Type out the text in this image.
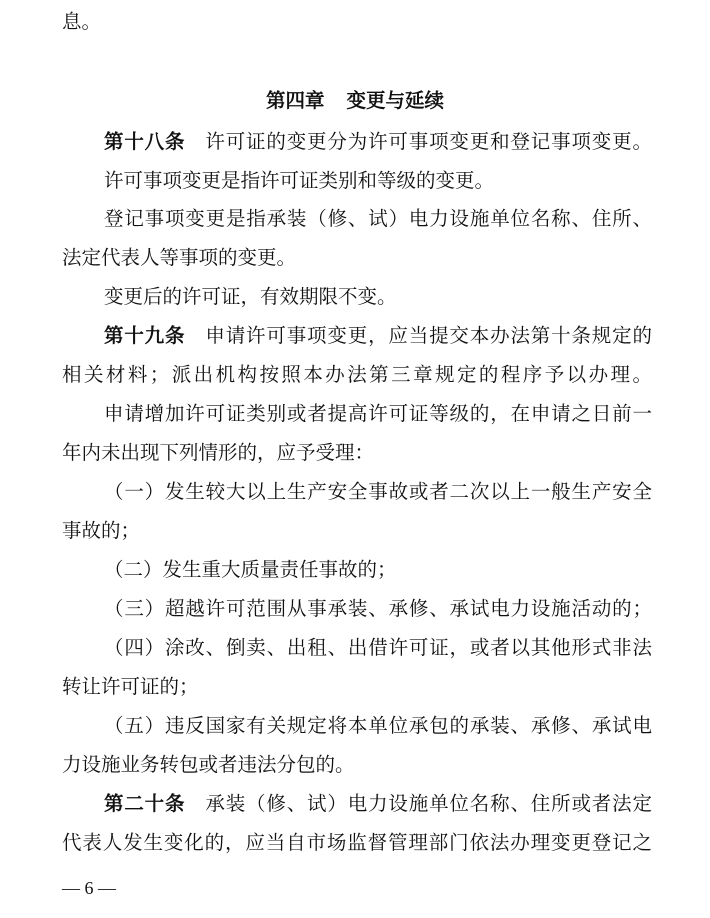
息。
第四章 变更与延续
第十八条 许可证的变更分为许可事项变更和登记事项变更。
许可事项变更是指许可证类别和等级的变更。
登记事项变更是指承装（修、试）电力设施单位名称、住所、
法定代表人等事项的变更。
变更后的许可证，有效期限不变。
第十九条 申请许可事项变更，应当提交本办法第十条规定的
相关材料；派出机构按照本办法第三章规定的程序予以办理。
申请增加许可证类别或者提高许可证等级的，在申请之日前一
年内未出现下列情形的，应予受理：
（一）发生较大以上生产安全事故或者二次以上一般生产安全
事故的；
（二）发生重大质量责任事故的；
（三）超越许可范围从事承装、承修、承试电力设施活动的；
（四）涂改、倒卖、出租、出借许可证，或者以其他形式非法
转让许可证的；
（五）违反国家有关规定将本单位承包的承装、承修、承试电
力设施业务转包或者违法分包的。
第二十条 承装（修、试）电力设施单位名称、住所或者法定
代表人发生变化的，应当自市场监督管理部门依法办理变更登记之
— 6 —
